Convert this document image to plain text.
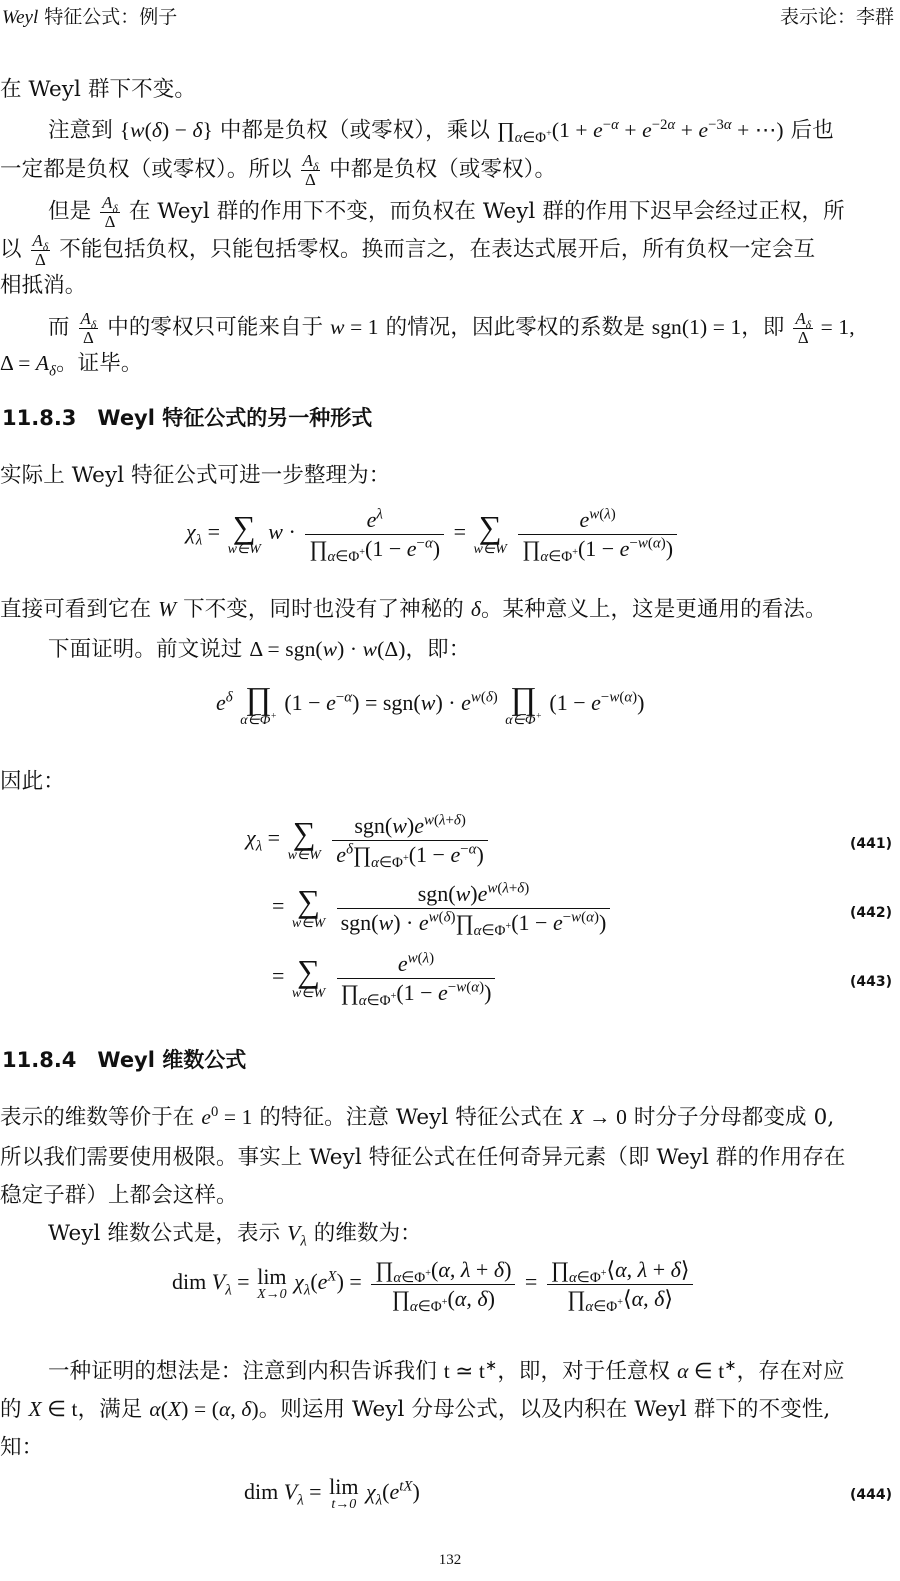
Weyl 特征公式：例子	表示论：李群
在 Weyl 群下不变。
注意到 {w(δ) − δ} 中都是负权（或零权），乘以 $\prod_{\alpha\in\Phi^+}(1 + e^{-\alpha} + e^{-2\alpha} + e^{-3\alpha}$ + ⋯) 后也
一定都是负权（或零权）。所以 $\frac{A_\delta}{\Delta}$ 中都是负权（或零权）。
但是 $\frac{A_\delta}{\Delta}$ 在 Weyl 群的作用下不变，而负权在 Weyl 群的作用下迟早会经过正权，所
以 $\frac{A_\delta}{\Delta}$ 不能包括负权，只能包括零权。换而言之，在表达式展开后，所有负权一定会互
相抵消。
而 $\frac{A_\delta}{\Delta}$ 中的零权只可能来自于 w = 1 的情况，因此零权的系数是 sgn(1) = 1，即 $\frac{A_\delta}{\Delta} = 1$,
$\Delta = A_\delta$。证毕。
11.8.3　Weyl 特征公式的另一种形式
实际上 Weyl 特征公式可进一步整理为：
$\chi_\lambda$ = ∑
w∈W
$w \cdot \frac{e^\lambda}{\prod_{\alpha\in\Phi^+}(1 - e^{-\alpha})}$ = ∑
w∈W
$\frac{e^{w(\lambda)}}{\prod_{\alpha\in\Phi^+}(1 - e^{-w(\alpha)})}$
直接可看到它在 W 下不变，同时也没有了神秘的 δ。某种意义上，这是更通用的看法。
下面证明。前文说过 Δ = sgn(w) · w(Δ)，即：
$e^\delta$ ∏
α∈Φ+
$(1 - e^{-\alpha}) = sgn(w) \cdot e^{w(\delta)}$ ∏
α∈Φ+
$(1 - e^{-w(\alpha)})$
因此：
$\chi_\lambda$ = ∑
w∈W

$sgn(w)e^{w(\lambda+\delta)}$
$e^\delta\prod_{\alpha\in\Phi^+}(1 - e^{-\alpha})$	(441)
= ∑
w∈W

$sgn(w)e^{w(\lambda+\delta)}$
$sgn(w) \cdot e^{w(\delta)}\prod_{\alpha\in\Phi^+}(1 - e^{-w(\alpha)})$	(442)
= ∑
w∈W
$\frac{e^{w(\lambda)}}{\prod_{\alpha\in\Phi^+}(1 - e^{-w(\alpha)})}$	(443)
11.8.4　Weyl 维数公式
表示的维数等价于在 $e^0 = 1$ 的特征。注意 Weyl 特征公式在 X → 0 时分子分母都变成 0,
所以我们需要使用极限。事实上 Weyl 特征公式在任何奇异元素（即 Weyl 群的作用存在
稳定子群）上都会这样。
Weyl 维数公式是，表示 $V_\lambda$ 的维数为：
dim $V_\lambda = \lim$
X→0
$\chi_\lambda(e^X) = \frac{\prod_{\alpha\in\Phi^+}(\alpha, \lambda + \delta)}{\prod_{\alpha\in\Phi^+}(\alpha, \delta)} = \frac{\prod_{\alpha\in\Phi^+}⟨\alpha, \lambda + \delta⟩}{\prod_{\alpha\in\Phi^+}⟨\alpha, \delta⟩}$
一种证明的想法是：注意到内积告诉我们 t ≃ t∗，即，对于任意权 α ∈ t∗，存在对应
的 X ∈ t，满足 α(X) = (α, δ)。则运用 Weyl 分母公式，以及内积在 Weyl 群下的不变性,
知：
dim $V_\lambda = \lim$
t→0
$\chi_\lambda(e^{tX})$	(444)
132
